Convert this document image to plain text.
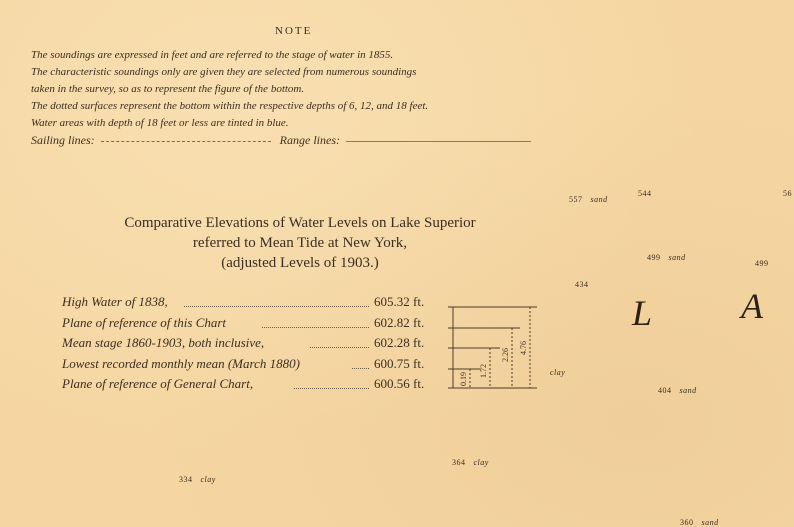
NOTE
The soundings are expressed in feet and are referred to the stage of water in 1855.
The characteristic soundings only are given they are selected from numerous soundings
taken in the survey, so as to represent the figure of the bottom.
The dotted surfaces represent the bottom within the respective depths of 6, 12, and 18 feet.
Water areas with depth of 18 feet or less are tinted in blue.
Sailing lines:	Range lines:
Comparative Elevations of Water Levels on Lake Superior
referred to Mean Tide at New York,
(adjusted Levels of 1903.)
High Water of 1838,	605.32 ft.
Plane of reference of this Chart	602.82 ft.
Mean stage 1860-1903, both inclusive,	602.28 ft.
Lowest recorded monthly mean (March 1880)	600.75 ft.
Plane of reference of General Chart,	600.56 ft.	0.19
1.72
2.26 4.76
L A
557 sand
544	56
499 sand
499
434
clay
404 sand
364 clay
334 clay
360 sand
